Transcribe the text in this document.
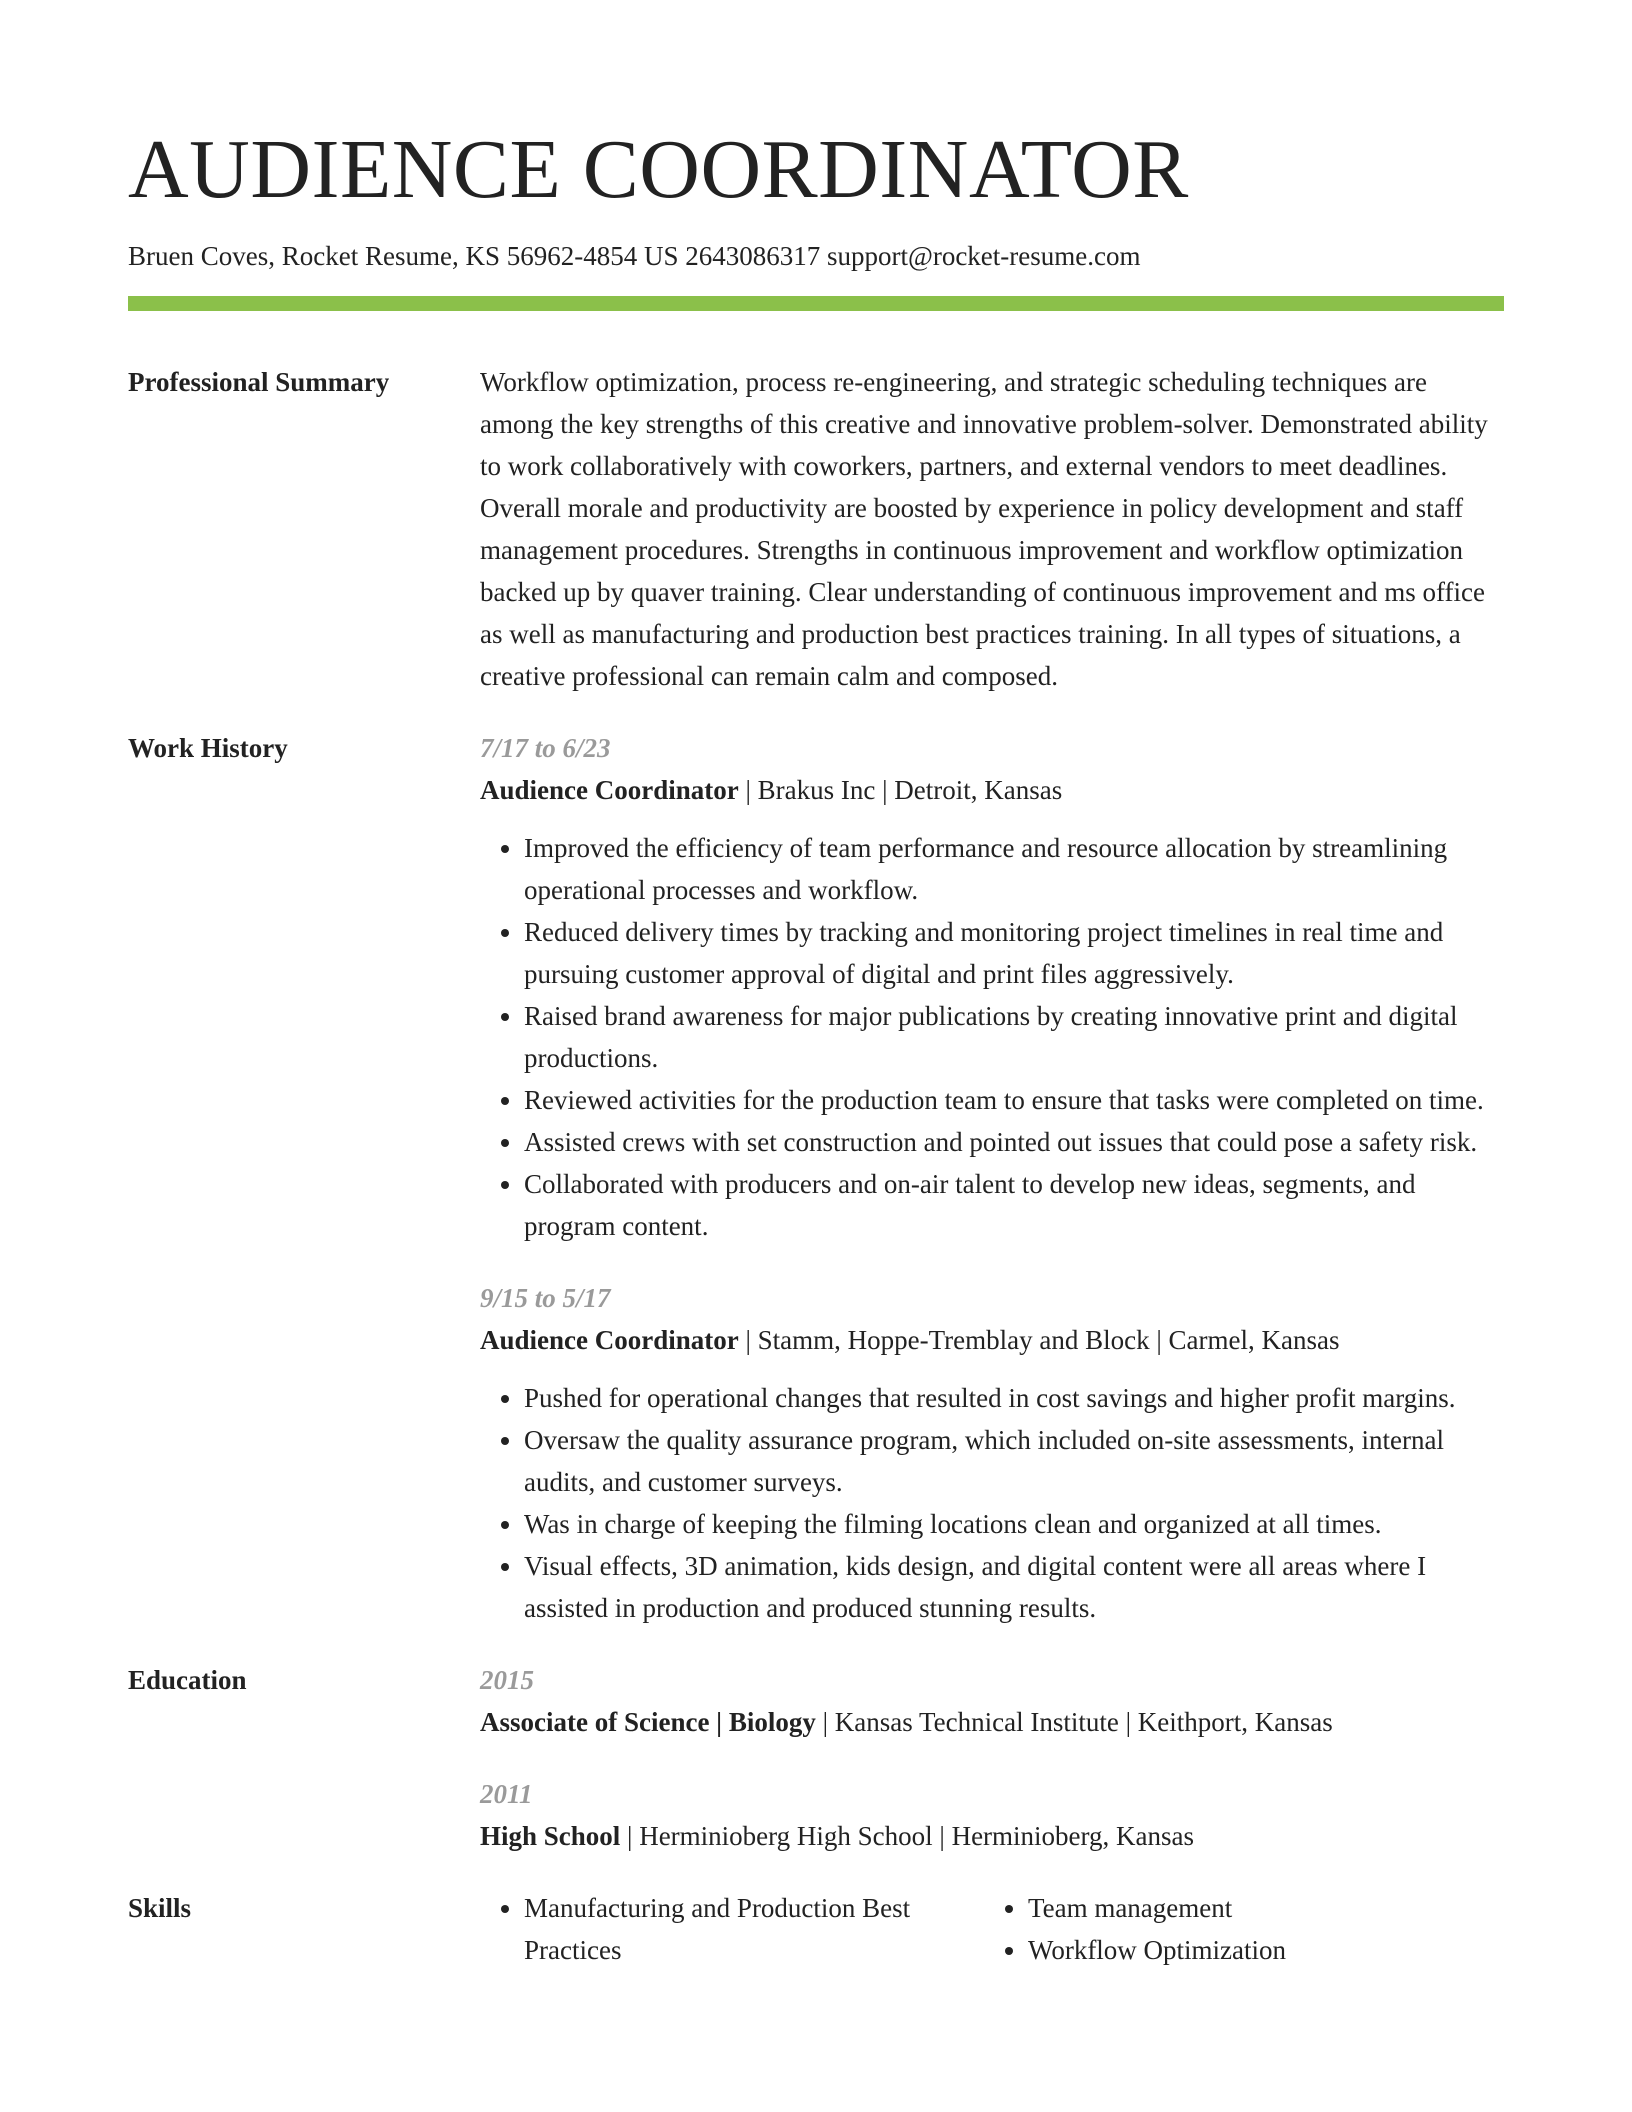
AUDIENCE COORDINATOR
Bruen Coves, Rocket Resume, KS 56962-4854 US 2643086317 support@rocket-resume.com
Professional Summary	Workflow optimization, process re-engineering, and strategic scheduling techniques are among the key strengths of this creative and innovative problem-solver. Demonstrated ability to work collaboratively with coworkers, partners, and external vendors to meet deadlines. Overall morale and productivity are boosted by experience in policy development and staff management procedures. Strengths in continuous improvement and workflow optimization backed up by quaver training. Clear understanding of continuous improvement and ms office as well as manufacturing and production best practices training. In all types of situations, a creative professional can remain calm and composed.
Work History	7/17 to 6/23
Audience Coordinator | Brakus Inc | Detroit, Kansas
• Improved the efficiency of team performance and resource allocation by streamlining operational processes and workflow.
• Reduced delivery times by tracking and monitoring project timelines in real time and pursuing customer approval of digital and print files aggressively.
• Raised brand awareness for major publications by creating innovative print and digital productions.
• Reviewed activities for the production team to ensure that tasks were completed on time.
• Assisted crews with set construction and pointed out issues that could pose a safety risk.
• Collaborated with producers and on-air talent to develop new ideas, segments, and program content.
9/15 to 5/17
Audience Coordinator | Stamm, Hoppe-Tremblay and Block | Carmel, Kansas
• Pushed for operational changes that resulted in cost savings and higher profit margins.
• Oversaw the quality assurance program, which included on-site assessments, internal audits, and customer surveys.
• Was in charge of keeping the filming locations clean and organized at all times.
• Visual effects, 3D animation, kids design, and digital content were all areas where I assisted in production and produced stunning results.
Education	2015
Associate of Science | Biology | Kansas Technical Institute | Keithport, Kansas
2011
High School | Herminioberg High School | Herminioberg, Kansas
Skills
•	Manufacturing and Production Best Practices
• Team management
• Workflow Optimization
